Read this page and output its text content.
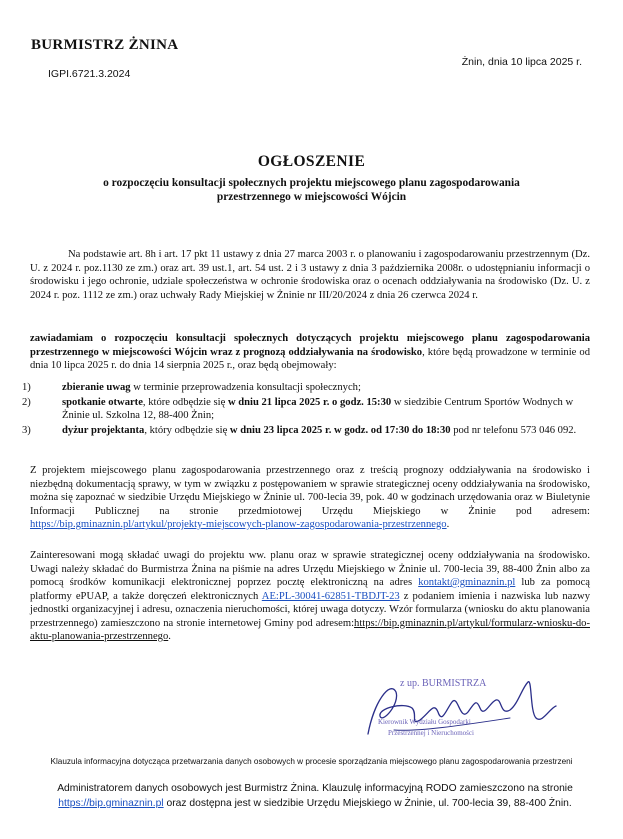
BURMISTRZ ŻNINA
IGPI.6721.3.2024
Żnin, dnia 10 lipca 2025 r.
OGŁOSZENIE
o rozpoczęciu konsultacji społecznych projektu miejscowego planu zagospodarowania przestrzennego w miejscowości Wójcin
Na podstawie art. 8h i art. 17 pkt 11 ustawy z dnia 27 marca 2003 r. o planowaniu i zagospodarowaniu przestrzennym (Dz. U. z 2024 r. poz.1130 ze zm.) oraz art. 39 ust.1, art. 54 ust. 2 i 3 ustawy z dnia 3 października 2008r. o udostępnianiu informacji o środowisku i jego ochronie, udziale społeczeństwa w ochronie środowiska oraz o ocenach oddziaływania na środowisko (Dz. U. z 2024 r. poz. 1112 ze zm.) oraz uchwały Rady Miejskiej w Żninie nr III/20/2024 z dnia 26 czerwca 2024 r.
zawiadamiam o rozpoczęciu konsultacji społecznych dotyczących projektu miejscowego planu zagospodarowania przestrzennego w miejscowości Wójcin wraz z prognozą oddziaływania na środowisko, które będą prowadzone w terminie od dnia 10 lipca 2025 r. do dnia 14 sierpnia 2025 r., oraz będą obejmowały:
1)	zbieranie uwag w terminie przeprowadzenia konsultacji społecznych;
2)	spotkanie otwarte, które odbędzie się w dniu 21 lipca 2025 r. o godz. 15:30 w siedzibie Centrum Sportów Wodnych w Żninie ul. Szkolna 12, 88-400 Żnin;
3)	dyżur projektanta, który odbędzie się w dniu 23 lipca 2025 r. w godz. od 17:30 do 18:30 pod nr telefonu 573 046 092.
Z projektem miejscowego planu zagospodarowania przestrzennego oraz z treścią prognozy oddziaływania na środowisko i niezbędną dokumentacją sprawy, w tym w związku z postępowaniem w sprawie strategicznej oceny oddziaływania na środowisko, można się zapoznać w siedzibie Urzędu Miejskiego w Żninie ul. 700-lecia 39, pok. 40 w godzinach urzędowania oraz w Biuletynie Informacji Publicznej na stronie przedmiotowej Urzędu Miejskiego w Żninie pod adresem: https://bip.gminaznin.pl/artykul/projekty-miejscowych-planow-zagospodarowania-przestrzennego.
Zainteresowani mogą składać uwagi do projektu ww. planu oraz w sprawie strategicznej oceny oddziaływania na środowisko. Uwagi należy składać do Burmistrza Żnina na piśmie na adres Urzędu Miejskiego w Żninie ul. 700-lecia 39, 88-400 Żnin albo za pomocą środków komunikacji elektronicznej poprzez pocztę elektroniczną na adres kontakt@gminaznin.pl lub za pomocą platformy ePUAP, a także doręczeń elektronicznych AE:PL-30041-62851-TBDJT-23 z podaniem imienia i nazwiska lub nazwy jednostki organizacyjnej i adresu, oznaczenia nieruchomości, której uwaga dotyczy. Wzór formularza (wniosku do aktu planowania przestrzennego) zamieszczono na stronie internetowej Gminy pod adresem:https://bip.gminaznin.pl/artykul/formularz-wniosku-do-aktu-planowania-przestrzennego.
z up. BURMISTRZA
Kierownik Wydziału Gospodarki
Przestrzennej i Nieruchomości
Klauzula informacyjna dotycząca przetwarzania danych osobowych w procesie sporządzania miejscowego planu zagospodarowania przestrzeni
Administratorem danych osobowych jest Burmistrz Żnina. Klauzulę informacyjną RODO zamieszczono na stronie
https://bip.gminaznin.pl oraz dostępna jest w siedzibie Urzędu Miejskiego w Żninie, ul. 700-lecia 39, 88-400 Żnin.
